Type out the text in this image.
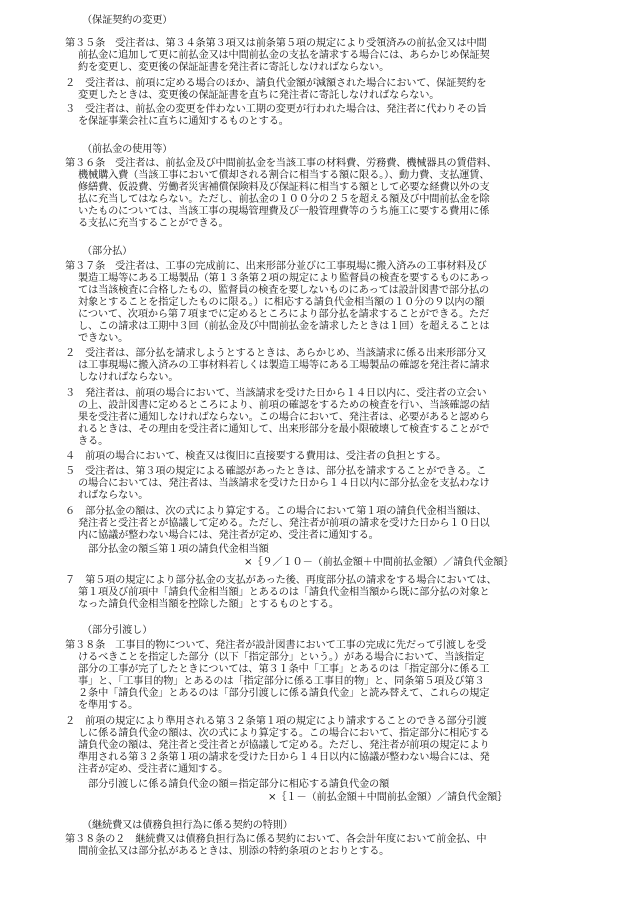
（保証契約の変更）
第３５条　受注者は、第３４条第３項又は前条第５項の規定により受領済みの前払金又は中間
前払金に追加して更に前払金又は中間前払金の支払を請求する場合には、あらかじめ保証契
約を変更し、変更後の保証証書を発注者に寄託しなければならない。
２　受注者は、前項に定める場合のほか、請負代金額が減額された場合において、保証契約を
変更したときは、変更後の保証証書を直ちに発注者に寄託しなければならない。
３　受注者は、前払金の変更を伴わない工期の変更が行われた場合は、発注者に代わりその旨
を保証事業会社に直ちに通知するものとする。
（前払金の使用等）
第３６条　受注者は、前払金及び中間前払金を当該工事の材料費、労務費、機械器具の賃借料、
機械購入費（当該工事において償却される割合に相当する額に限る。）、動力費、支払運賃、
修繕費、仮設費、労働者災害補償保険料及び保証料に相当する額として必要な経費以外の支
払に充当してはならない。ただし、前払金の１００分の２５を超える額及び中間前払金を除
いたものについては、当該工事の現場管理費及び一般管理費等のうち施工に要する費用に係
る支払に充当することができる。
（部分払）
第３７条　受注者は、工事の完成前に、出来形部分並びに工事現場に搬入済みの工事材料及び
製造工場等にある工場製品（第１３条第２項の規定により監督員の検査を要するものにあっ
ては当該検査に合格したもの、監督員の検査を要しないものにあっては設計図書で部分払の
対象とすることを指定したものに限る。）に相応する請負代金相当額の１０分の９以内の額
について、次項から第７項までに定めるところにより部分払を請求することができる。ただ
し、この請求は工期中３回（前払金及び中間前払金を請求したときは１回）を超えることは
できない。
２　受注者は、部分払を請求しようとするときは、あらかじめ、当該請求に係る出来形部分又
は工事現場に搬入済みの工事材料若しくは製造工場等にある工場製品の確認を発注者に請求
しなければならない。
３　発注者は、前項の場合において、当該請求を受けた日から１４日以内に、受注者の立会い
の上、設計図書に定めるところにより、前項の確認をするための検査を行い、当該確認の結
果を受注者に通知しなければならない。この場合において、発注者は、必要があると認めら
れるときは、その理由を受注者に通知して、出来形部分を最小限破壊して検査することがで
きる。
４　前項の場合において、検査又は復旧に直接要する費用は、受注者の負担とする。
５　受注者は、第３項の規定による確認があったときは、部分払を請求することができる。こ
の場合においては、発注者は、当該請求を受けた日から１４日以内に部分払金を支払わなけ
ればならない。
６　部分払金の額は、次の式により算定する。この場合において第１項の請負代金相当額は、
発注者と受注者とが協議して定める。ただし、発注者が前項の請求を受けた日から１０日以
内に協議が整わない場合には、発注者が定め、受注者に通知する。
部分払金の額≦第１項の請負代金相当額
×｛９／１０－（前払金額＋中間前払金額）／請負代金額｝
７　第５項の規定により部分払金の支払があった後、再度部分払の請求をする場合においては、
第１項及び前項中「請負代金相当額」とあるのは「請負代金相当額から既に部分払の対象と
なった請負代金相当額を控除した額」とするものとする。
（部分引渡し）
第３８条　工事目的物について、発注者が設計図書において工事の完成に先だって引渡しを受
けるべきことを指定した部分（以下「指定部分」という。）がある場合において、当該指定
部分の工事が完了したときについては、第３１条中「工事」とあるのは「指定部分に係る工
事」と、「工事目的物」とあるのは「指定部分に係る工事目的物」と、同条第５項及び第３
２条中「請負代金」とあるのは「部分引渡しに係る請負代金」と読み替えて、これらの規定
を準用する。
２　前項の規定により準用される第３２条第１項の規定により請求することのできる部分引渡
しに係る請負代金の額は、次の式により算定する。この場合において、指定部分に相応する
請負代金の額は、発注者と受注者とが協議して定める。ただし、発注者が前項の規定により
準用される第３２条第１項の請求を受けた日から１４日以内に協議が整わない場合には、発
注者が定め、受注者に通知する。
部分引渡しに係る請負代金の額＝指定部分に相応する請負代金の額
×｛１－（前払金額＋中間前払金額）／請負代金額｝
（継続費又は債務負担行為に係る契約の特則）
第３８条の２　継続費又は債務負担行為に係る契約において、各会計年度において前金払、中
間前金払又は部分払があるときは、別添の特約条項のとおりとする。
